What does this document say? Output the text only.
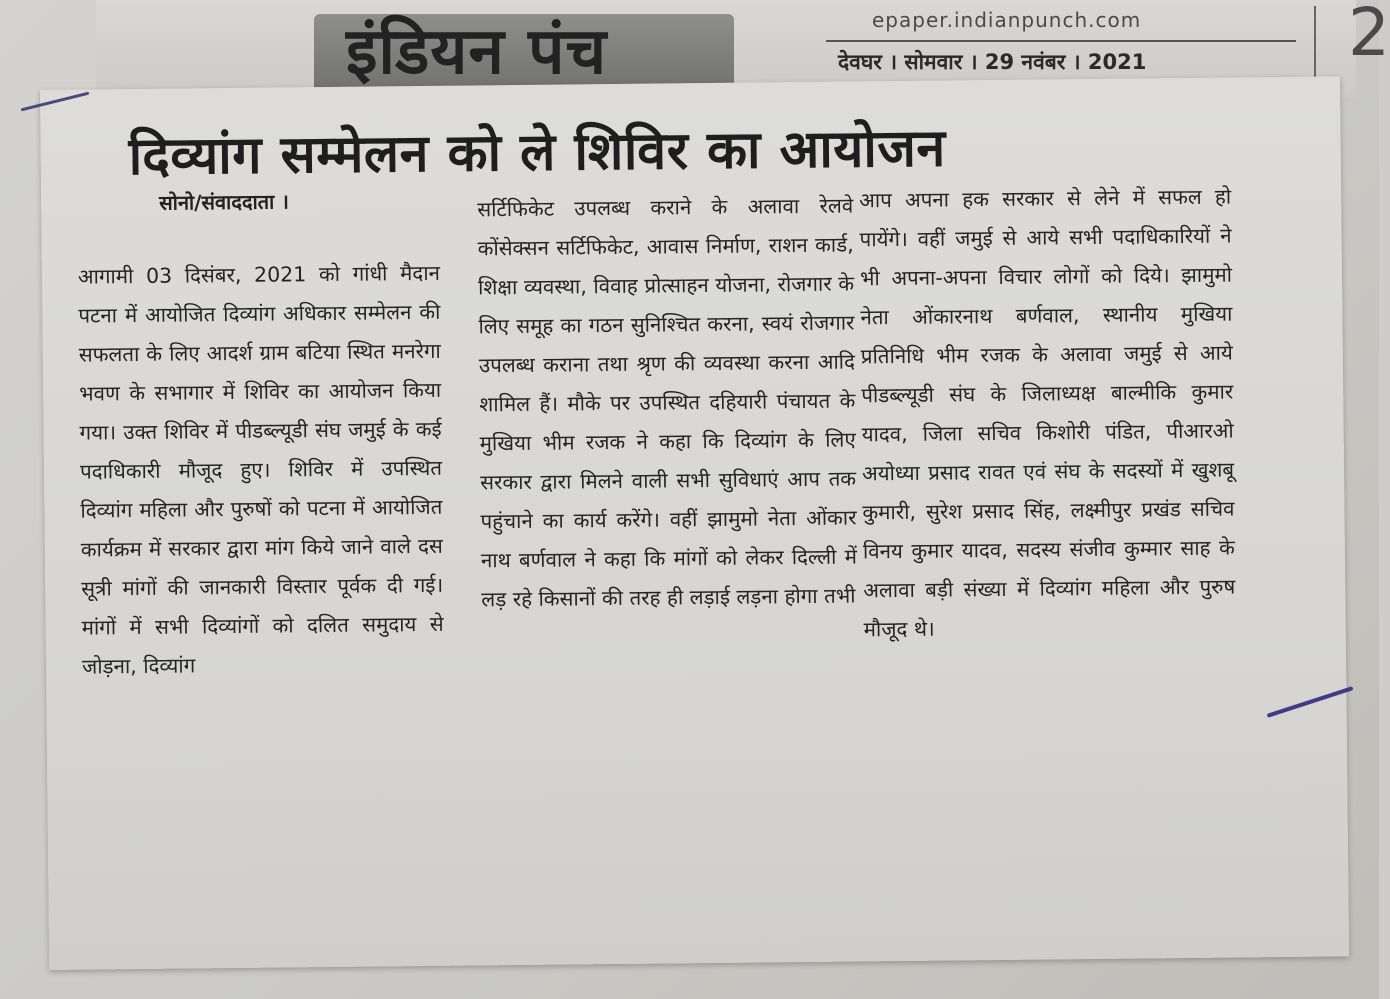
इंडियन पंच	epaper.indianpunch.com
देवघर । सोमवार । 29 नवंबर । 2021	2
दिव्यांग सम्मेलन को ले शिविर का आयोजन
सोनो/संवाददाता ।

आगामी 03 दिसंबर, 2021 को गांधी मैदान पटना में आयोजित दिव्यांग अधिकार सम्मेलन की सफलता के लिए आदर्श ग्राम बटिया स्थित मनरेगा भवण के सभागार में शिविर का आयोजन किया गया। उक्त शिविर में पीडब्ल्यूडी संघ जमुई के कई पदाधिकारी मौजूद हुए। शिविर में उपस्थित दिव्यांग महिला और पुरुषों को पटना में आयोजित कार्यक्रम में सरकार द्वारा मांग किये जाने वाले दस सूत्री मांगों की जानकारी विस्तार पूर्वक दी गई। मांगों में सभी दिव्यांगों को दलित समुदाय से जोड़ना, दिव्यांग

सर्टिफिकेट उपलब्ध कराने के अलावा रेलवे कोंसेक्सन सर्टिफिकेट, आवास निर्माण, राशन कार्ड, शिक्षा व्यवस्था, विवाह प्रोत्साहन योजना, रोजगार के लिए समूह का गठन सुनिश्चित करना, स्वयं रोजगार उपलब्ध कराना तथा श्रृण की व्यवस्था करना आदि शामिल हैं। मौके पर उपस्थित दहियारी पंचायत के मुखिया भीम रजक ने कहा कि दिव्यांग के लिए सरकार द्वारा मिलने वाली सभी सुविधाएं आप तक पहुंचाने का कार्य करेंगे। वहीं झामुमो नेता ओंकार नाथ बर्णवाल ने कहा कि मांगों को लेकर दिल्ली में लड़ रहे किसानों की तरह ही लड़ाई लड़ना होगा तभी

आप अपना हक सरकार से लेने में सफल हो पायेंगे। वहीं जमुई से आये सभी पदाधिकारियों ने भी अपना-अपना विचार लोगों को दिये। झामुमो नेता ओंकारनाथ बर्णवाल, स्थानीय मुखिया प्रतिनिधि भीम रजक के अलावा जमुई से आये पीडब्ल्यूडी संघ के जिलाध्यक्ष बाल्मीकि कुमार यादव, जिला सचिव किशोरी पंडित, पीआरओ अयोध्या प्रसाद रावत एवं संघ के सदस्यों में खुशबू कुमारी, सुरेश प्रसाद सिंह, लक्ष्मीपुर प्रखंड सचिव विनय कुमार यादव, सदस्य संजीव कुम्मार साह के अलावा बड़ी संख्या में दिव्यांग महिला और पुरुष मौजूद थे।
